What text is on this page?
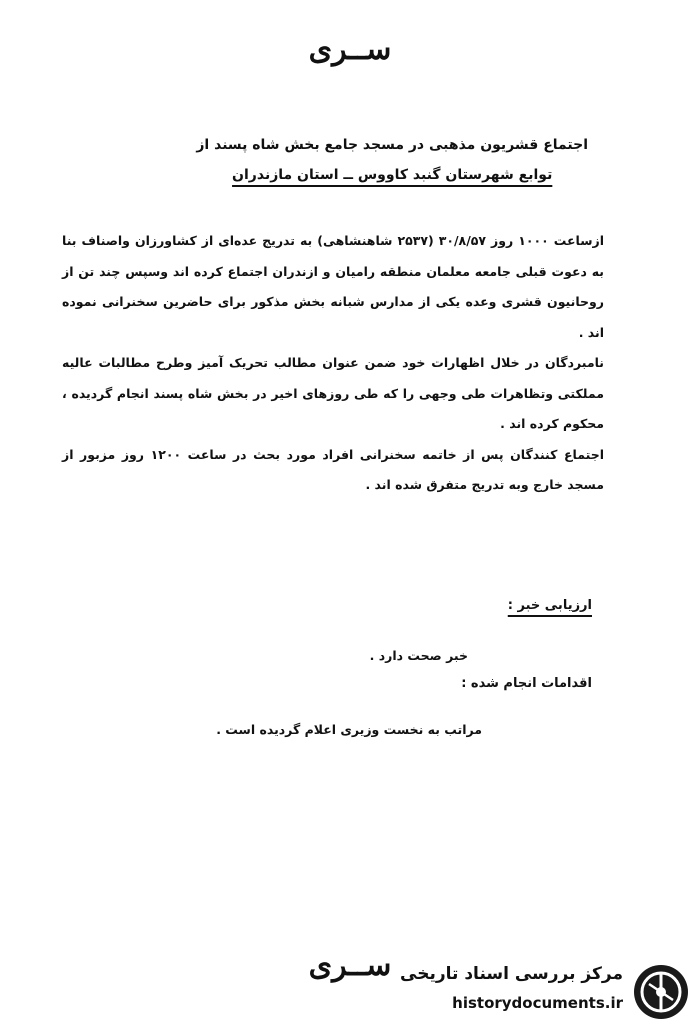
ســری
اجتماع قشریون مذهبی در مسجد جامع بخش شاه پسند از
توابع شهرستان گنبد کاووس ــ استان مازندران

ازساعت ۱۰۰۰ روز ۳۰/۸/۵۷ (۲۵۳۷ شاهنشاهی) به تدریج عده‌ای از کشاورزان واصناف بنا به دعوت قبلی جامعه معلمان منطقه رامیان و ازندران اجتماع کرده اند وسپس چند تن از روحانیون قشری وعده یکی از مدارس شبانه بخش مذکور برای حاضرین سخنرانی نموده اند .

نامبردگان در خلال اظهارات خود ضمن عنوان مطالب تحریک آمیز وطرح مطالبات عالیه مملکتی وتظاهرات طی وجهی را که طی روزهای اخیر در بخش شاه پسند انجام گردیده ، محکوم کرده اند .

اجتماع کنندگان پس از خاتمه سخنرانی افراد مورد بحث در ساعت ۱۲۰۰ روز مزبور از مسجد خارج وبه تدریج متفرق شده اند .

ارزیابی خبر :
خبر صحت دارد .
اقدامات انجام شده :
مراتب به نخست وزیری اعلام گردیده است .
ســری مرکز بررسی اسناد تاریخی
historydocuments.ir
